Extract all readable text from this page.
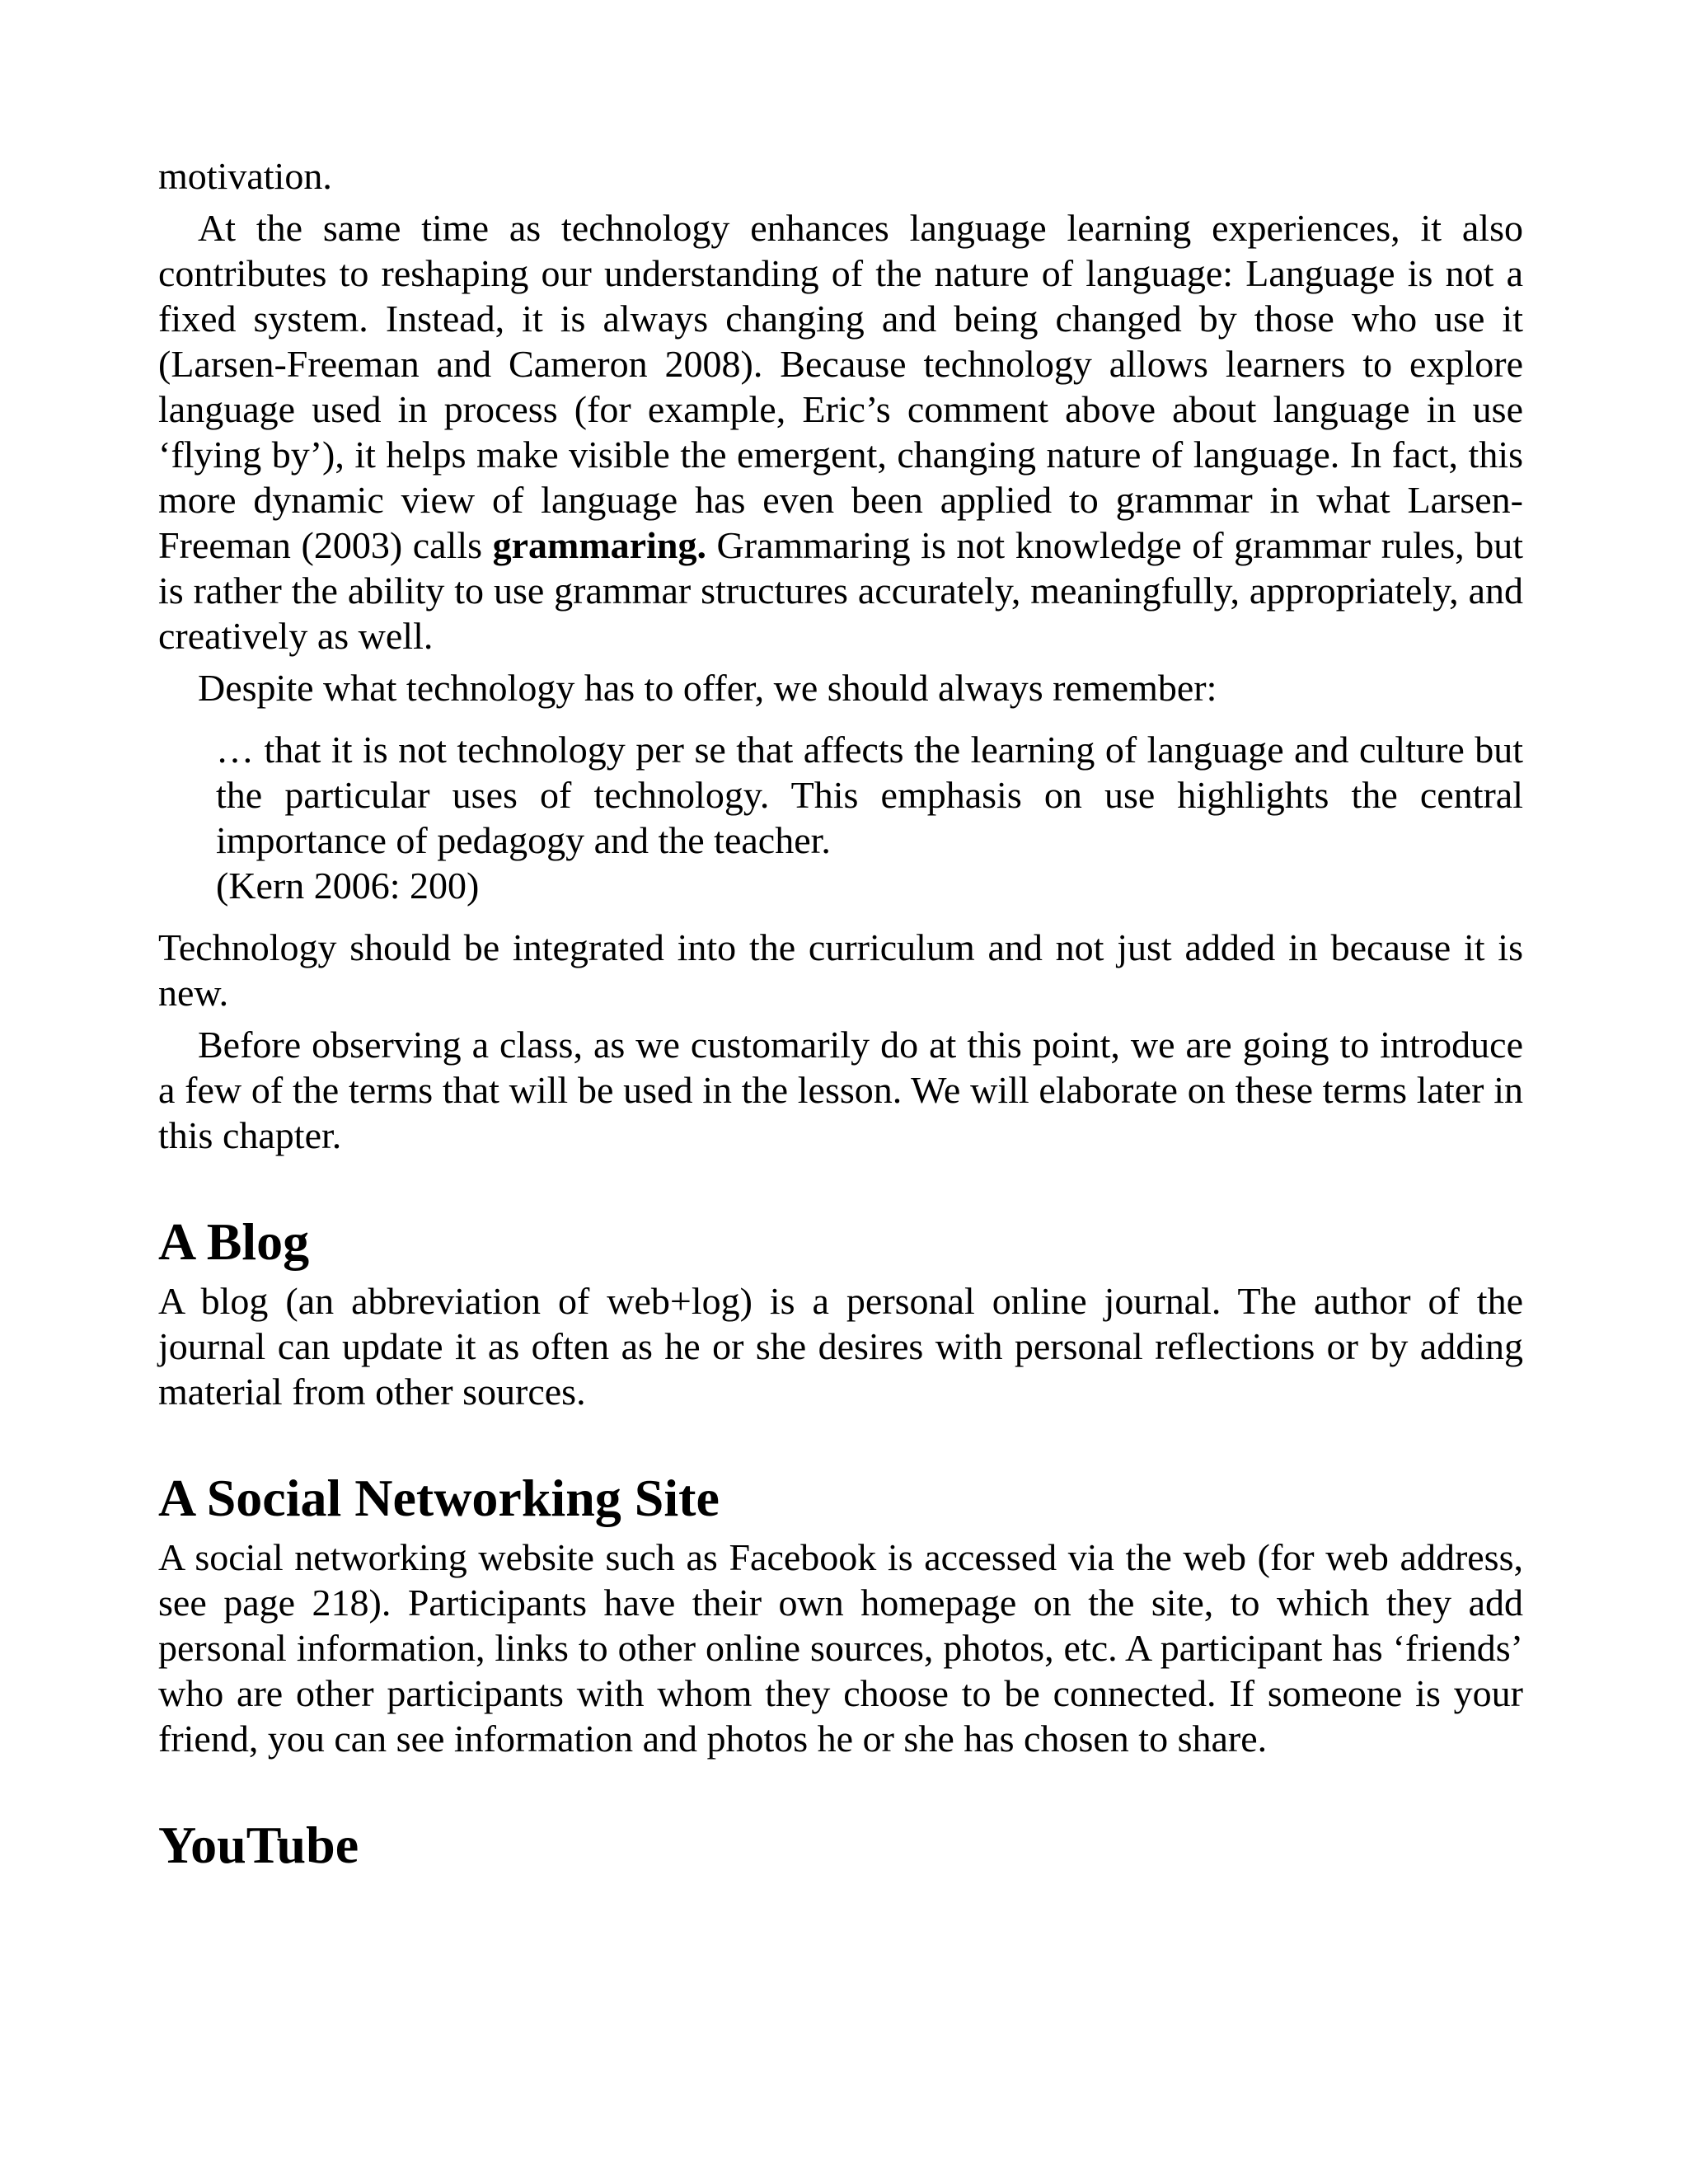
motivation.

At the same time as technology enhances language learning experiences, it also contributes to reshaping our understanding of the nature of language: Language is not a fixed system. Instead, it is always changing and being changed by those who use it (Larsen-Freeman and Cameron 2008). Because technology allows learners to explore language used in process (for example, Eric’s comment above about language in use ‘flying by’), it helps make visible the emergent, changing nature of language. In fact, this more dynamic view of language has even been applied to grammar in what Larsen-Freeman (2003) calls grammaring. Grammaring is not knowledge of grammar rules, but is rather the ability to use grammar structures accurately, meaningfully, appropriately, and creatively as well.

Despite what technology has to offer, we should always remember:

… that it is not technology per se that affects the learning of language and culture but the particular uses of technology. This emphasis on use highlights the central importance of pedagogy and the teacher.

(Kern 2006: 200)

Technology should be integrated into the curriculum and not just added in because it is new.

Before observing a class, as we customarily do at this point, we are going to introduce a few of the terms that will be used in the lesson. We will elaborate on these terms later in this chapter.

A Blog

A blog (an abbreviation of web+log) is a personal online journal. The author of the journal can update it as often as he or she desires with personal reflections or by adding material from other sources.

A Social Networking Site

A social networking website such as Facebook is accessed via the web (for web address, see page 218). Participants have their own homepage on the site, to which they add personal information, links to other online sources, photos, etc. A participant has ‘friends’ who are other participants with whom they choose to be connected. If someone is your friend, you can see information and photos he or she has chosen to share.

YouTube
